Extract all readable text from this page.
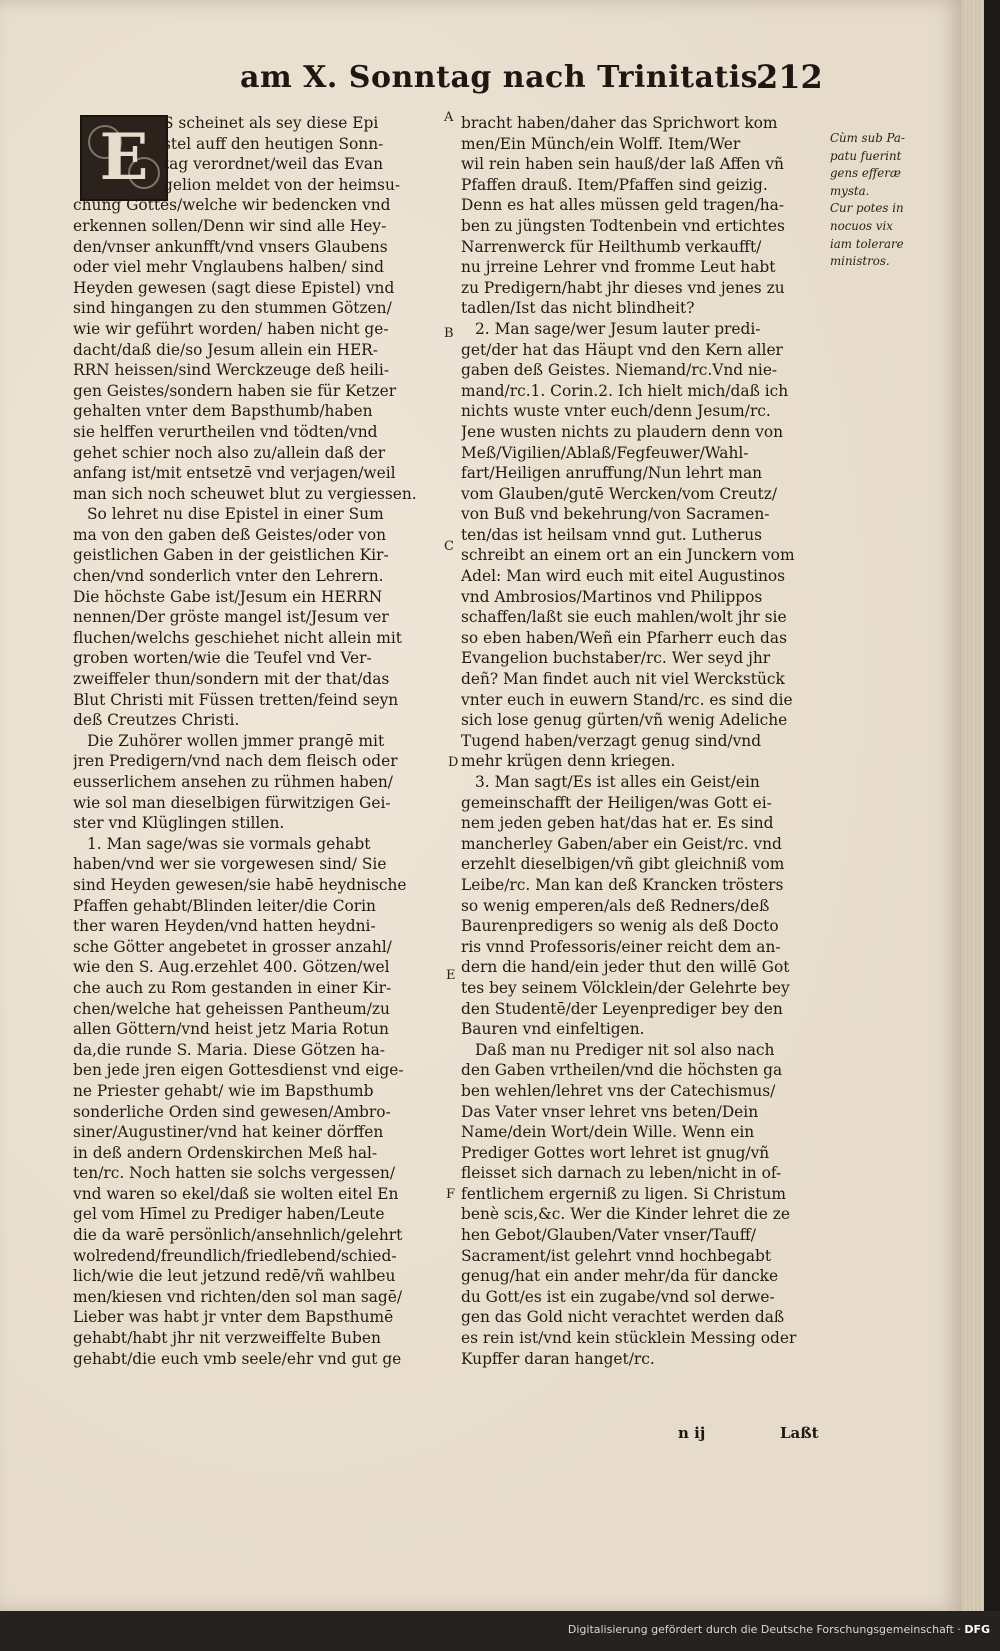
am X. Sonntag nach Trinitatis.
212
E S scheinet als sey diese Epi
stel auff den heutigen Sonn-
tag verordnet/weil das Evan
gelion meldet von der heimsu-
chung Gottes/welche wir bedencken vnd
erkennen sollen/Denn wir sind alle Hey-
den/vnser ankunfft/vnd vnsers Glaubens
oder viel mehr Vnglaubens halben/ sind
Heyden gewesen (sagt diese Epistel) vnd
sind hingangen zu den stummen Götzen/
wie wir geführt worden/ haben nicht ge-
dacht/daß die/so Jesum allein ein HER-
RRN heissen/sind Werckzeuge deß heili-
gen Geistes/sondern haben sie für Ketzer
gehalten vnter dem Bapsthumb/haben
sie helffen verurtheilen vnd tödten/vnd
gehet schier noch also zu/allein daß der
anfang ist/mit entsetzē vnd verjagen/weil
man sich noch scheuwet blut zu vergiessen.
So lehret nu dise Epistel in einer Sum
ma von den gaben deß Geistes/oder von
geistlichen Gaben in der geistlichen Kir-
chen/vnd sonderlich vnter den Lehrern.
Die höchste Gabe ist/Jesum ein HERRN
nennen/Der gröste mangel ist/Jesum ver
fluchen/welchs geschiehet nicht allein mit
groben worten/wie die Teufel vnd Ver-
zweiffeler thun/sondern mit der that/das
Blut Christi mit Füssen tretten/feind seyn
deß Creutzes Christi.
Die Zuhörer wollen jmmer prangē mit
jren Predigern/vnd nach dem fleisch oder
eusserlichem ansehen zu rühmen haben/
wie sol man dieselbigen fürwitzigen Gei-
ster vnd Klüglingen stillen.
1. Man sage/was sie vormals gehabt
haben/vnd wer sie vorgewesen sind/ Sie
sind Heyden gewesen/sie habē heydnische
Pfaffen gehabt/Blinden leiter/die Corin
ther waren Heyden/vnd hatten heydni-
sche Götter angebetet in grosser anzahl/
wie den S. Aug.erzehlet 400. Götzen/wel
che auch zu Rom gestanden in einer Kir-
chen/welche hat geheissen Pantheum/zu
allen Göttern/vnd heist jetz Maria Rotun
da,die runde S. Maria. Diese Götzen ha-
ben jede jren eigen Gottesdienst vnd eige-
ne Priester gehabt/ wie im Bapsthumb
sonderliche Orden sind gewesen/Ambro-
siner/Augustiner/vnd hat keiner dörffen
in deß andern Ordenskirchen Meß hal-
ten/rc. Noch hatten sie solchs vergessen/
vnd waren so ekel/daß sie wolten eitel En
gel vom Hīmel zu Prediger haben/Leute
die da warē persönlich/ansehnlich/gelehrt
wolredend/freundlich/friedlebend/schied-
lich/wie die leut jetzund redē/vñ wahlbeu
men/kiesen vnd richten/den sol man sagē/
Lieber was habt jr vnter dem Bapsthumē
gehabt/habt jhr nit verzweiffelte Buben
gehabt/die euch vmb seele/ehr vnd gut ge
bracht haben/daher das Sprichwort kom
men/Ein Münch/ein Wolff. Item/Wer
wil rein haben sein hauß/der laß Affen vñ
Pfaffen drauß. Item/Pfaffen sind geizig.
Denn es hat alles müssen geld tragen/ha-
ben zu jüngsten Todtenbein vnd ertichtes
Narrenwerck für Heilthumb verkaufft/
nu jrreine Lehrer vnd fromme Leut habt
zu Predigern/habt jhr dieses vnd jenes zu
tadlen/Ist das nicht blindheit?
2. Man sage/wer Jesum lauter predi-
get/der hat das Häupt vnd den Kern aller
gaben deß Geistes. Niemand/rc.Vnd nie-
mand/rc.1. Corin.2. Ich hielt mich/daß ich
nichts wuste vnter euch/denn Jesum/rc.
Jene wusten nichts zu plaudern denn von
Meß/Vigilien/Ablaß/Fegfeuwer/Wahl-
fart/Heiligen anruffung/Nun lehrt man
vom Glauben/gutē Wercken/vom Creutz/
von Buß vnd bekehrung/von Sacramen-
ten/das ist heilsam vnnd gut. Lutherus
schreibt an einem ort an ein Junckern vom
Adel: Man wird euch mit eitel Augustinos
vnd Ambrosios/Martinos vnd Philippos
schaffen/laßt sie euch mahlen/wolt jhr sie
so eben haben/Weñ ein Pfarherr euch das
Evangelion buchstaber/rc. Wer seyd jhr
deñ? Man findet auch nit viel Werckstück
vnter euch in euwern Stand/rc. es sind die
sich lose genug gürten/vñ wenig Adeliche
Tugend haben/verzagt genug sind/vnd
mehr krügen denn kriegen.
3. Man sagt/Es ist alles ein Geist/ein
gemeinschafft der Heiligen/was Gott ei-
nem jeden geben hat/das hat er. Es sind
mancherley Gaben/aber ein Geist/rc. vnd
erzehlt dieselbigen/vñ gibt gleichniß vom
Leibe/rc. Man kan deß Krancken trösters
so wenig emperen/als deß Redners/deß
Baurenpredigers so wenig als deß Docto
ris vnnd Professoris/einer reicht dem an-
dern die hand/ein jeder thut den willē Got
tes bey seinem Völcklein/der Gelehrte bey
den Studentē/der Leyenprediger bey den
Bauren vnd einfeltigen.
Daß man nu Prediger nit sol also nach
den Gaben vrtheilen/vnd die höchsten ga
ben wehlen/lehret vns der Catechismus/
Das Vater vnser lehret vns beten/Dein
Name/dein Wort/dein Wille. Wenn ein
Prediger Gottes wort lehret ist gnug/vñ
fleisset sich darnach zu leben/nicht in of-
fentlichem ergerniß zu ligen. Si Christum
benè scis,&c. Wer die Kinder lehret die ze
hen Gebot/Glauben/Vater vnser/Tauff/
Sacrament/ist gelehrt vnnd hochbegabt
genug/hat ein ander mehr/da für dancke
du Gott/es ist ein zugabe/vnd sol derwe-
gen das Gold nicht verachtet werden daß
es rein ist/vnd kein stücklein Messing oder
Kupffer daran hanget/rc.
A
B
C
D
E
F
Cùm sub Pa-
patu fuerint
gens efferæ
mysta.
Cur potes in
nocuos vix
iam tolerare
ministros.
n ij	Laßt
Digitalisierung gefördert durch die Deutsche Forschungsgemeinschaft · DFG
